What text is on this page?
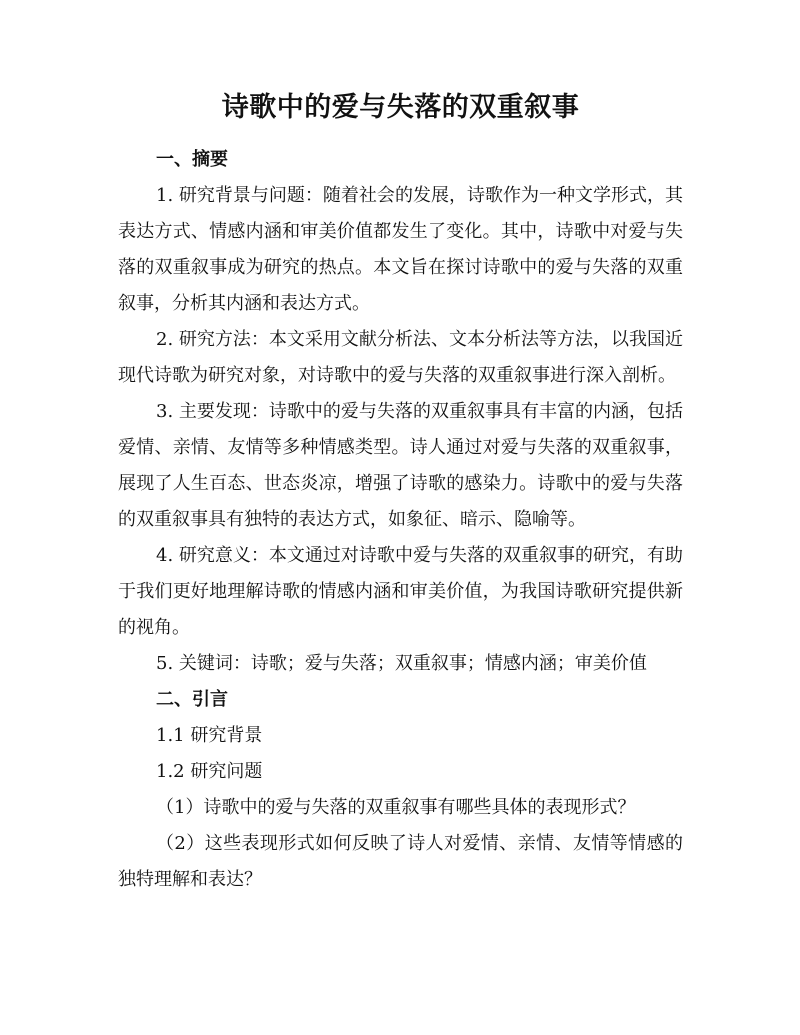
诗歌中的爱与失落的双重叙事
一、摘要

1. 研究背景与问题：随着社会的发展，诗歌作为一种文学形式，其表达方式、情感内涵和审美价值都发生了变化。其中，诗歌中对爱与失落的双重叙事成为研究的热点。本文旨在探讨诗歌中的爱与失落的双重叙事，分析其内涵和表达方式。

2. 研究方法：本文采用文献分析法、文本分析法等方法，以我国近现代诗歌为研究对象，对诗歌中的爱与失落的双重叙事进行深入剖析。

3. 主要发现：诗歌中的爱与失落的双重叙事具有丰富的内涵，包括爱情、亲情、友情等多种情感类型。诗人通过对爱与失落的双重叙事，展现了人生百态、世态炎凉，增强了诗歌的感染力。诗歌中的爱与失落的双重叙事具有独特的表达方式，如象征、暗示、隐喻等。

4. 研究意义：本文通过对诗歌中爱与失落的双重叙事的研究，有助于我们更好地理解诗歌的情感内涵和审美价值，为我国诗歌研究提供新的视角。

5. 关键词：诗歌；爱与失落；双重叙事；情感内涵；审美价值
二、引言
1.1 研究背景
1.2 研究问题

（1）诗歌中的爱与失落的双重叙事有哪些具体的表现形式？

（2）这些表现形式如何反映了诗人对爱情、亲情、友情等情感的独特理解和表达？
